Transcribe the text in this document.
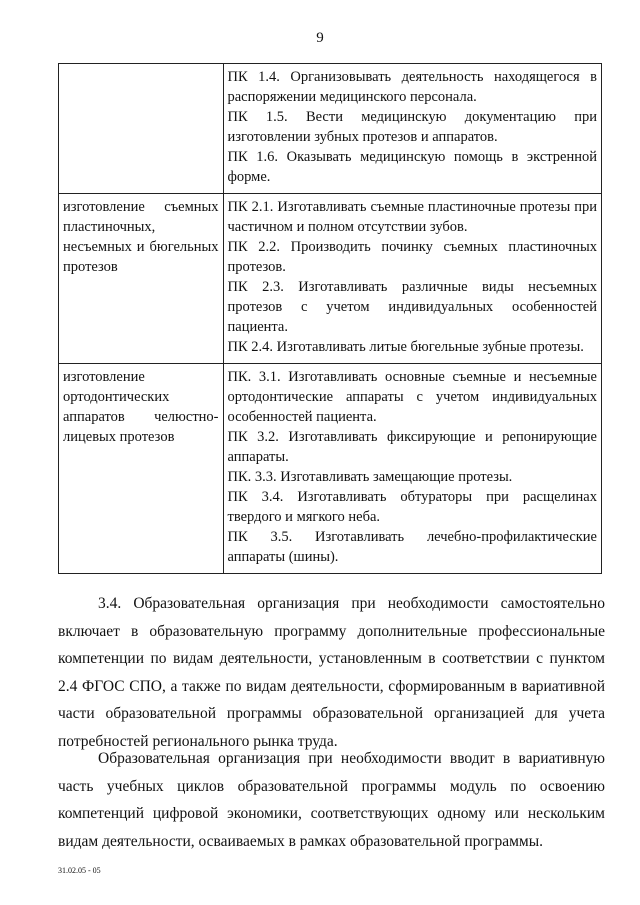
9

	ПК 1.4. Организовывать деятельность находящегося в распоряжении медицинского персонала.
ПК 1.5. Вести медицинскую документацию при изготовлении зубных протезов и аппаратов.
ПК 1.6. Оказывать медицинскую помощь в экстренной форме.

изготовление съемных пластиночных, несъемных и бюгельных протезов	ПК 2.1. Изготавливать съемные пластиночные протезы при частичном и полном отсутствии зубов.
ПК 2.2. Производить починку съемных пластиночных протезов.
ПК 2.3. Изготавливать различные виды несъемных протезов с учетом индивидуальных особенностей пациента.
ПК 2.4. Изготавливать литые бюгельные зубные протезы.

изготовление ортодонтических аппаратов челюстно-лицевых протезов	ПК. 3.1. Изготавливать основные съемные и несъемные ортодонтические аппараты с учетом индивидуальных особенностей пациента.
ПК 3.2. Изготавливать фиксирующие и репонирующие аппараты.
ПК. 3.3. Изготавливать замещающие протезы.
ПК 3.4. Изготавливать обтураторы при расщелинах твердого и мягкого неба.
ПК 3.5. Изготавливать лечебно-профилактические аппараты (шины).

3.4. Образовательная организация при необходимости самостоятельно включает в образовательную программу дополнительные профессиональные компетенции по видам деятельности, установленным в соответствии с пунктом 2.4 ФГОС СПО, а также по видам деятельности, сформированным в вариативной части образовательной программы образовательной организацией для учета потребностей регионального рынка труда.

Образовательная организация при необходимости вводит в вариативную часть учебных циклов образовательной программы модуль по освоению компетенций цифровой экономики, соответствующих одному или нескольким видам деятельности, осваиваемых в рамках образовательной программы.

31.02.05 - 05
